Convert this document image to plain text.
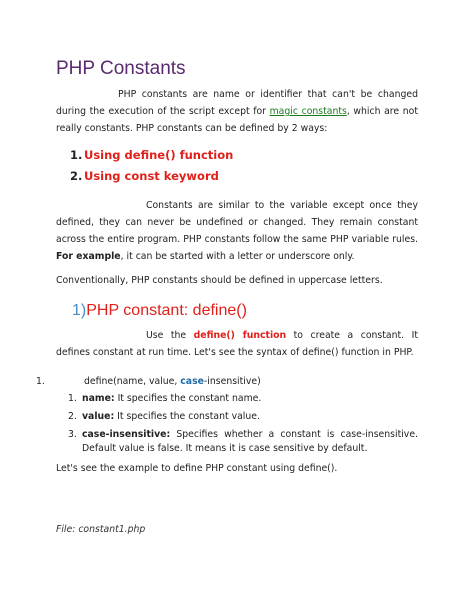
PHP Constants

PHP constants are name or identifier that can't be changed during the execution of the script except for magic constants, which are not really constants. PHP constants can be defined by 2 ways:

1. Using define() function
2. Using const keyword

Constants are similar to the variable except once they defined, they can never be undefined or changed. They remain constant across the entire program. PHP constants follow the same PHP variable rules. For example, it can be started with a letter or underscore only.

Conventionally, PHP constants should be defined in uppercase letters.
1)PHP constant: define()

Use the define() function to create a constant. It defines constant at run time. Let's see the syntax of define() function in PHP.

1.	define(name, value, case-insensitive)
1. name: It specifies the constant name.
2. value: It specifies the constant value.
3. case-insensitive: Specifies whether a constant is case-insensitive. Default value is false. It means it is case sensitive by default.
Let's see the example to define PHP constant using define().
File: constant1.php
